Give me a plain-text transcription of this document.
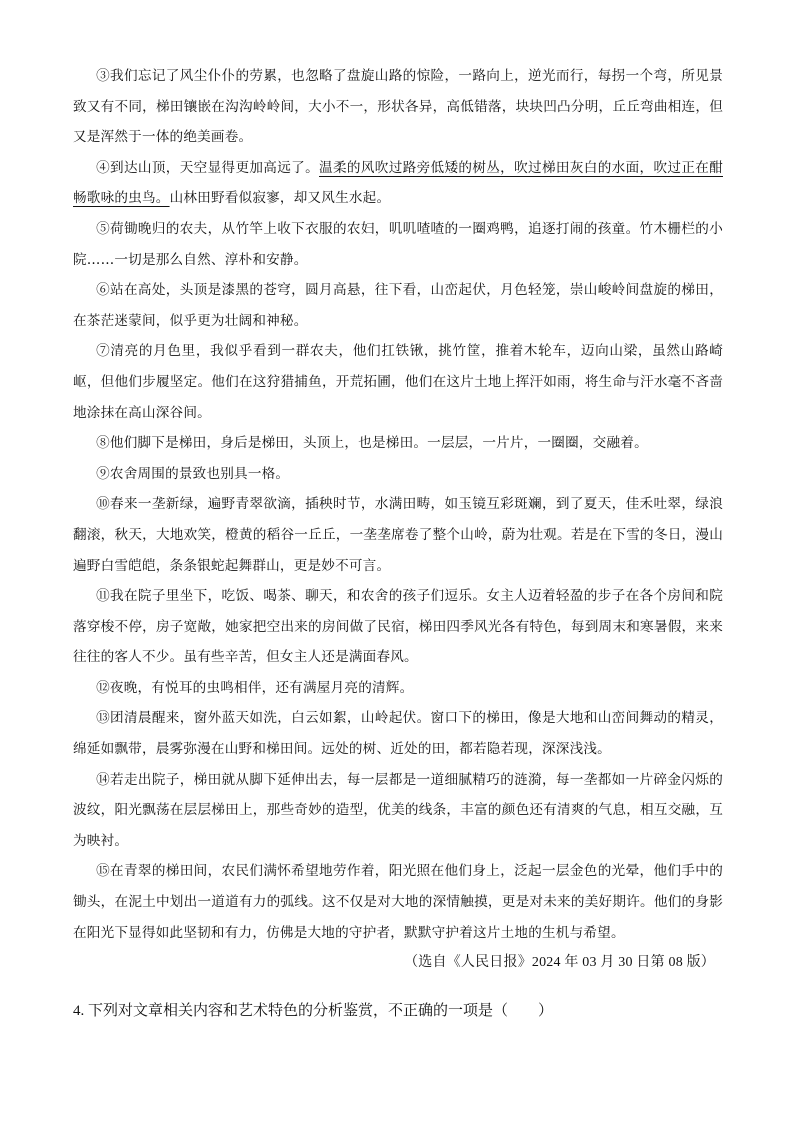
③我们忘记了风尘仆仆的劳累，也忽略了盘旋山路的惊险，一路向上，逆光而行，每拐一个弯，所见景致又有不同，梯田镶嵌在沟沟岭岭间，大小不一，形状各异，高低错落，块块凹凸分明，丘丘弯曲相连，但又是浑然于一体的绝美画卷。

④到达山顶，天空显得更加高远了。温柔的风吹过路旁低矮的树丛，吹过梯田灰白的水面，吹过正在酣畅歌咏的虫鸟。山林田野看似寂寥，却又风生水起。

⑤荷锄晚归的农夫，从竹竿上收下衣服的农妇，叽叽喳喳的一圈鸡鸭，追逐打闹的孩童。竹木栅栏的小院……一切是那么自然、淳朴和安静。

⑥站在高处，头顶是漆黑的苍穹，圆月高悬，往下看，山峦起伏，月色轻笼，崇山峻岭间盘旋的梯田，在茶茫迷蒙间，似乎更为壮阔和神秘。

⑦清亮的月色里，我似乎看到一群农夫，他们扛铁锹，挑竹筐，推着木轮车，迈向山梁，虽然山路崎岖，但他们步履坚定。他们在这狩猎捕鱼，开荒拓圃，他们在这片土地上挥汗如雨，将生命与汗水毫不吝啬地涂抹在高山深谷间。

⑧他们脚下是梯田，身后是梯田，头顶上，也是梯田。一层层，一片片，一圈圈，交融着。

⑨农舍周围的景致也别具一格。

⑩春来一垄新绿，遍野青翠欲滴，插秧时节，水满田畴，如玉镜互彩斑斓，到了夏天，佳禾吐翠，绿浪翻滚，秋天，大地欢笑，橙黄的稻谷一丘丘，一垄垄席卷了整个山岭，蔚为壮观。若是在下雪的冬日，漫山遍野白雪皑皑，条条银蛇起舞群山，更是妙不可言。

⑪我在院子里坐下，吃饭、喝茶、聊天，和农舍的孩子们逗乐。女主人迈着轻盈的步子在各个房间和院落穿梭不停，房子宽敞，她家把空出来的房间做了民宿，梯田四季风光各有特色，每到周末和寒暑假，来来往往的客人不少。虽有些辛苦，但女主人还是满面春风。

⑫夜晚，有悦耳的虫鸣相伴，还有满屋月亮的清辉。

⑬团清晨醒来，窗外蓝天如洗，白云如絮，山岭起伏。窗口下的梯田，像是大地和山峦间舞动的精灵，绵延如飘带，晨雾弥漫在山野和梯田间。远处的树、近处的田，都若隐若现，深深浅浅。

⑭若走出院子，梯田就从脚下延伸出去，每一层都是一道细腻精巧的涟漪，每一垄都如一片碎金闪烁的波纹，阳光飘荡在层层梯田上，那些奇妙的造型，优美的线条，丰富的颜色还有清爽的气息，相互交融，互为映衬。

⑮在青翠的梯田间，农民们满怀希望地劳作着，阳光照在他们身上，泛起一层金色的光晕，他们手中的锄头，在泥土中划出一道道有力的弧线。这不仅是对大地的深情触摸，更是对未来的美好期许。他们的身影在阳光下显得如此坚韧和有力，仿佛是大地的守护者，默默守护着这片土地的生机与希望。

（选自《人民日报》2024 年 03 月 30 日第 08 版）

4. 下列对文章相关内容和艺术特色的分析鉴赏，不正确的一项是（　　）
